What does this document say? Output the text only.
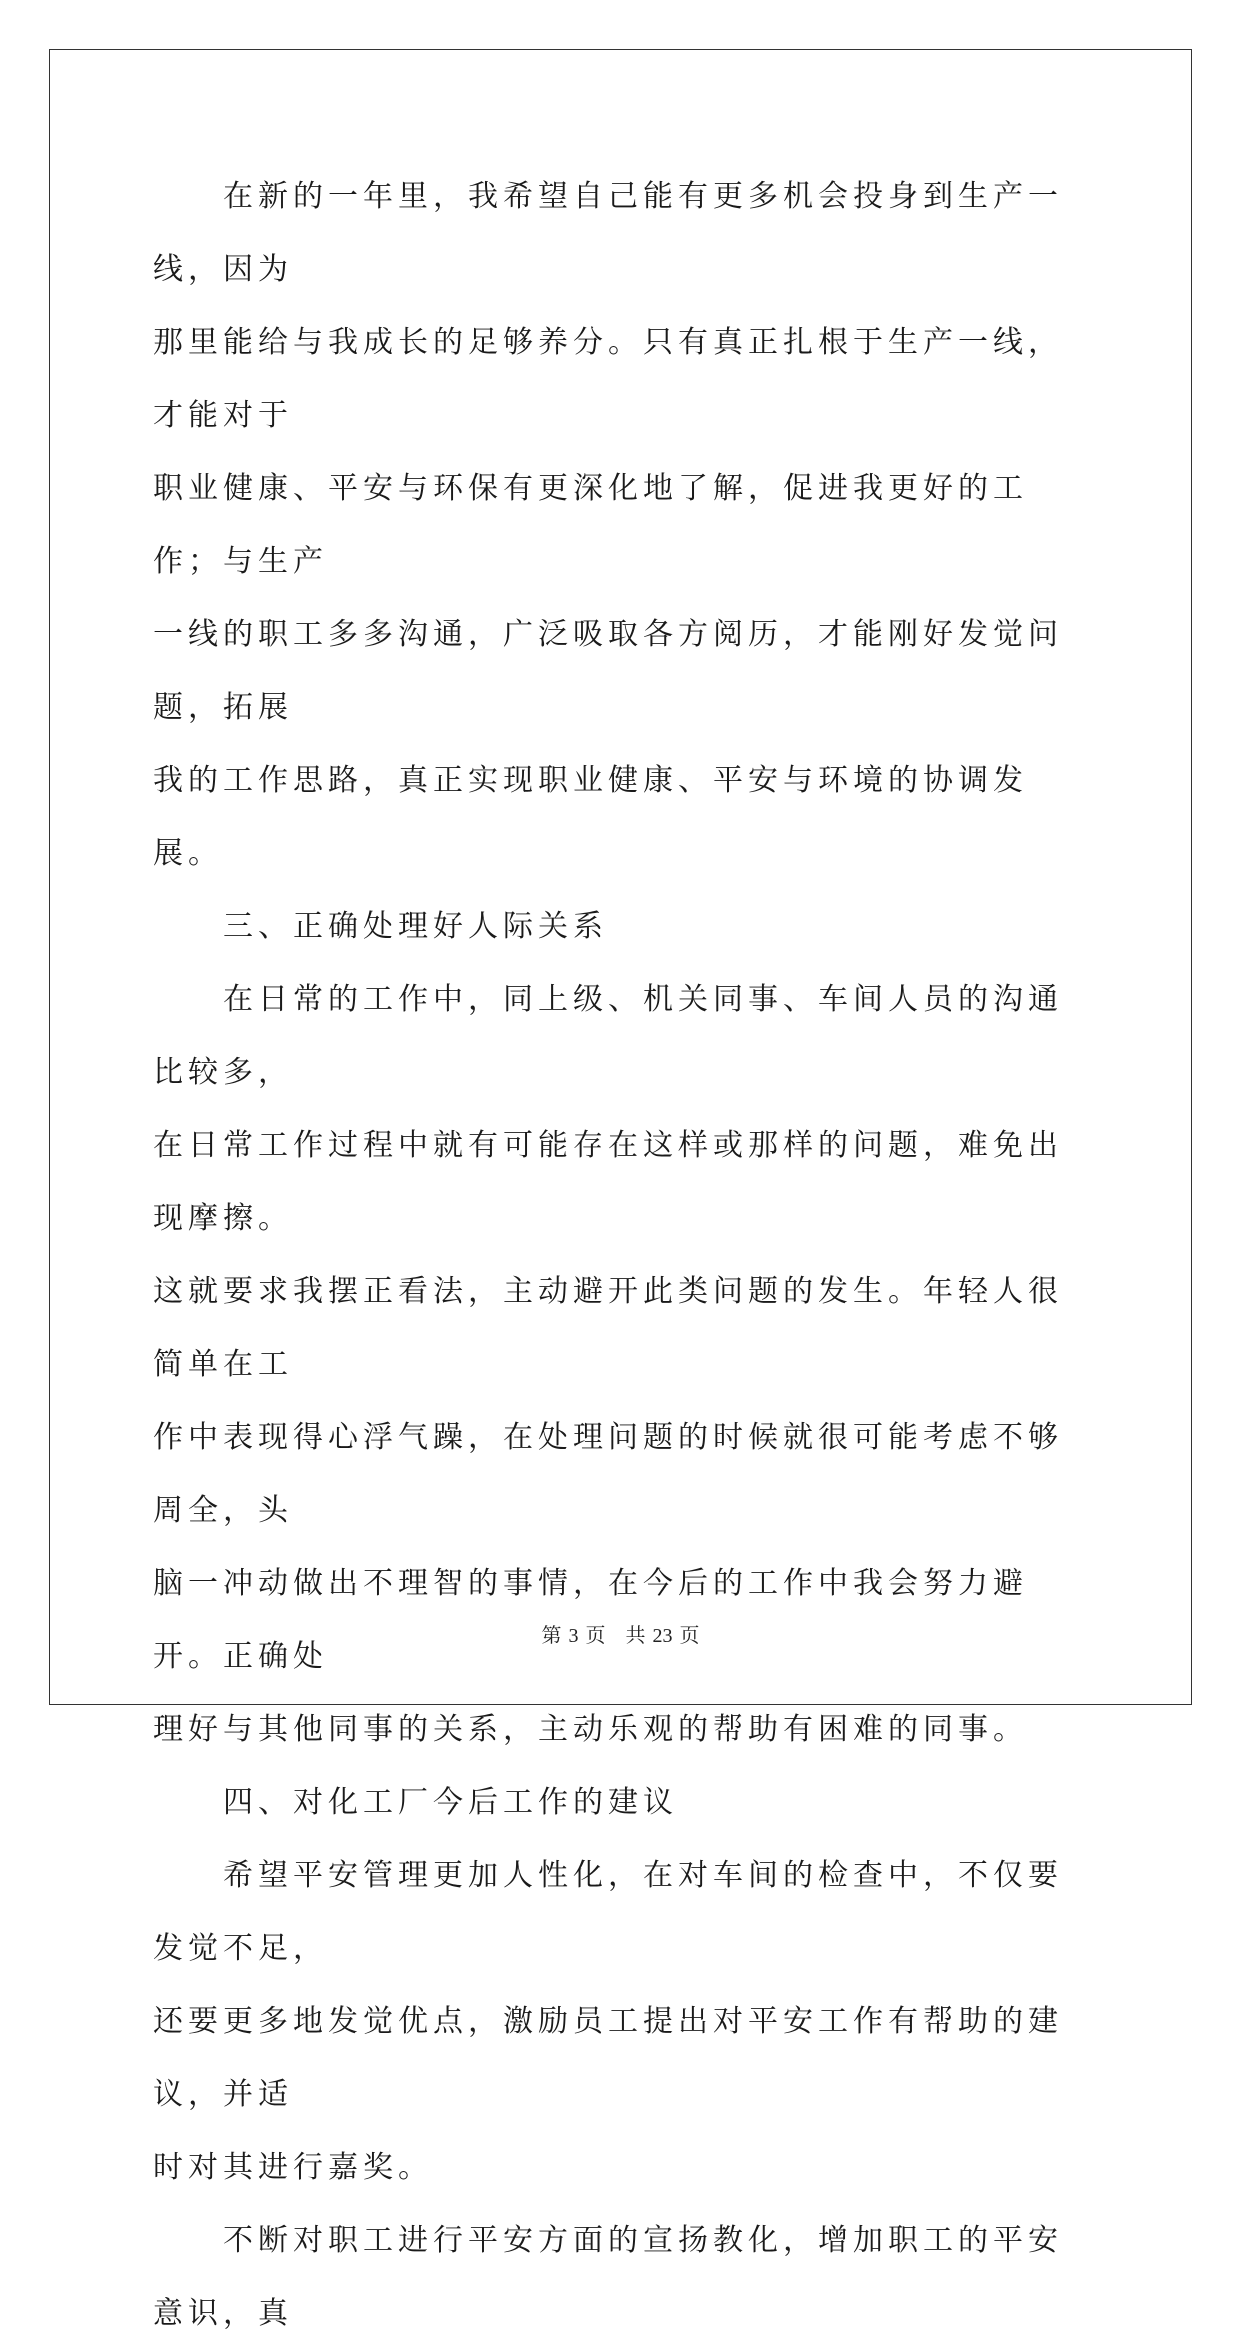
在新的一年里，我希望自己能有更多机会投身到生产一线，因为

那里能给与我成长的足够养分。只有真正扎根于生产一线，才能对于

职业健康、平安与环保有更深化地了解，促进我更好的工作；与生产

一线的职工多多沟通，广泛吸取各方阅历，才能刚好发觉问题，拓展

我的工作思路，真正实现职业健康、平安与环境的协调发展。

三、正确处理好人际关系

在日常的工作中，同上级、机关同事、车间人员的沟通比较多，

在日常工作过程中就有可能存在这样或那样的问题，难免出现摩擦。

这就要求我摆正看法，主动避开此类问题的发生。年轻人很简单在工

作中表现得心浮气躁，在处理问题的时候就很可能考虑不够周全，头

脑一冲动做出不理智的事情，在今后的工作中我会努力避开。正确处

理好与其他同事的关系，主动乐观的帮助有困难的同事。

四、对化工厂今后工作的建议

希望平安管理更加人性化，在对车间的检查中，不仅要发觉不足，

还要更多地发觉优点，激励员工提出对平安工作有帮助的建议，并适

时对其进行嘉奖。

不断对职工进行平安方面的宣扬教化，增加职工的平安意识，真

第 3 页 共 23 页
